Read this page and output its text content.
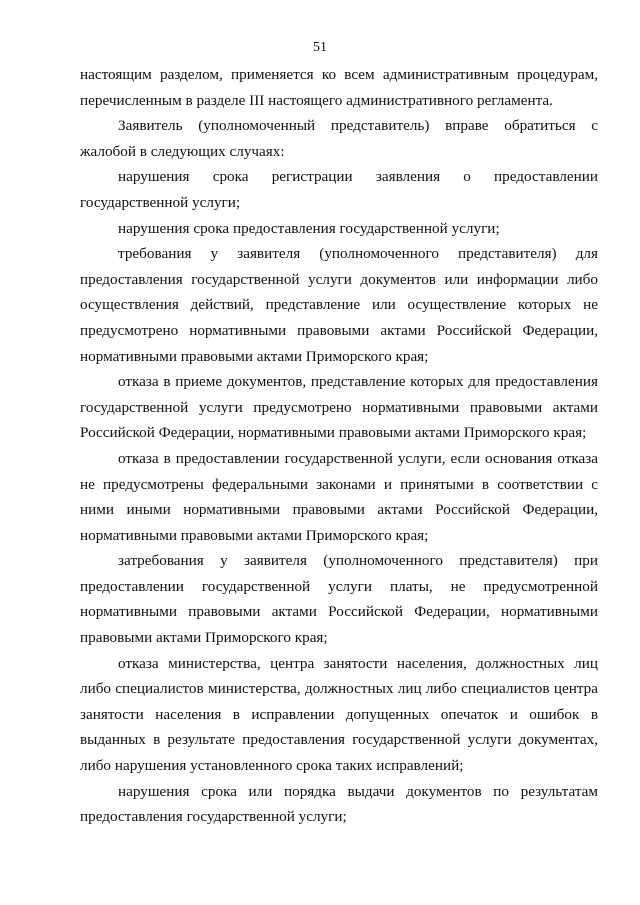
51

настоящим разделом, применяется ко всем административным процедурам, перечисленным в разделе III настоящего административного регламента.

Заявитель (уполномоченный представитель) вправе обратиться с жалобой в следующих случаях:

нарушения срока регистрации заявления о предоставлении государственной услуги;

нарушения срока предоставления государственной услуги;

требования у заявителя (уполномоченного представителя) для предоставления государственной услуги документов или информации либо осуществления действий, представление или осуществление которых не предусмотрено нормативными правовыми актами Российской Федерации, нормативными правовыми актами Приморского края;

отказа в приеме документов, представление которых для предоставления государственной услуги предусмотрено нормативными правовыми актами Российской Федерации, нормативными правовыми актами Приморского края;

отказа в предоставлении государственной услуги, если основания отказа не предусмотрены федеральными законами и принятыми в соответствии с ними иными нормативными правовыми актами Российской Федерации, нормативными правовыми актами Приморского края;

затребования у заявителя (уполномоченного представителя) при предоставлении государственной услуги платы, не предусмотренной нормативными правовыми актами Российской Федерации, нормативными правовыми актами Приморского края;

отказа министерства, центра занятости населения, должностных лиц либо специалистов министерства, должностных лиц либо специалистов центра занятости населения в исправлении допущенных опечаток и ошибок в выданных в результате предоставления государственной услуги документах, либо нарушения установленного срока таких исправлений;

нарушения срока или порядка выдачи документов по результатам предоставления государственной услуги;
